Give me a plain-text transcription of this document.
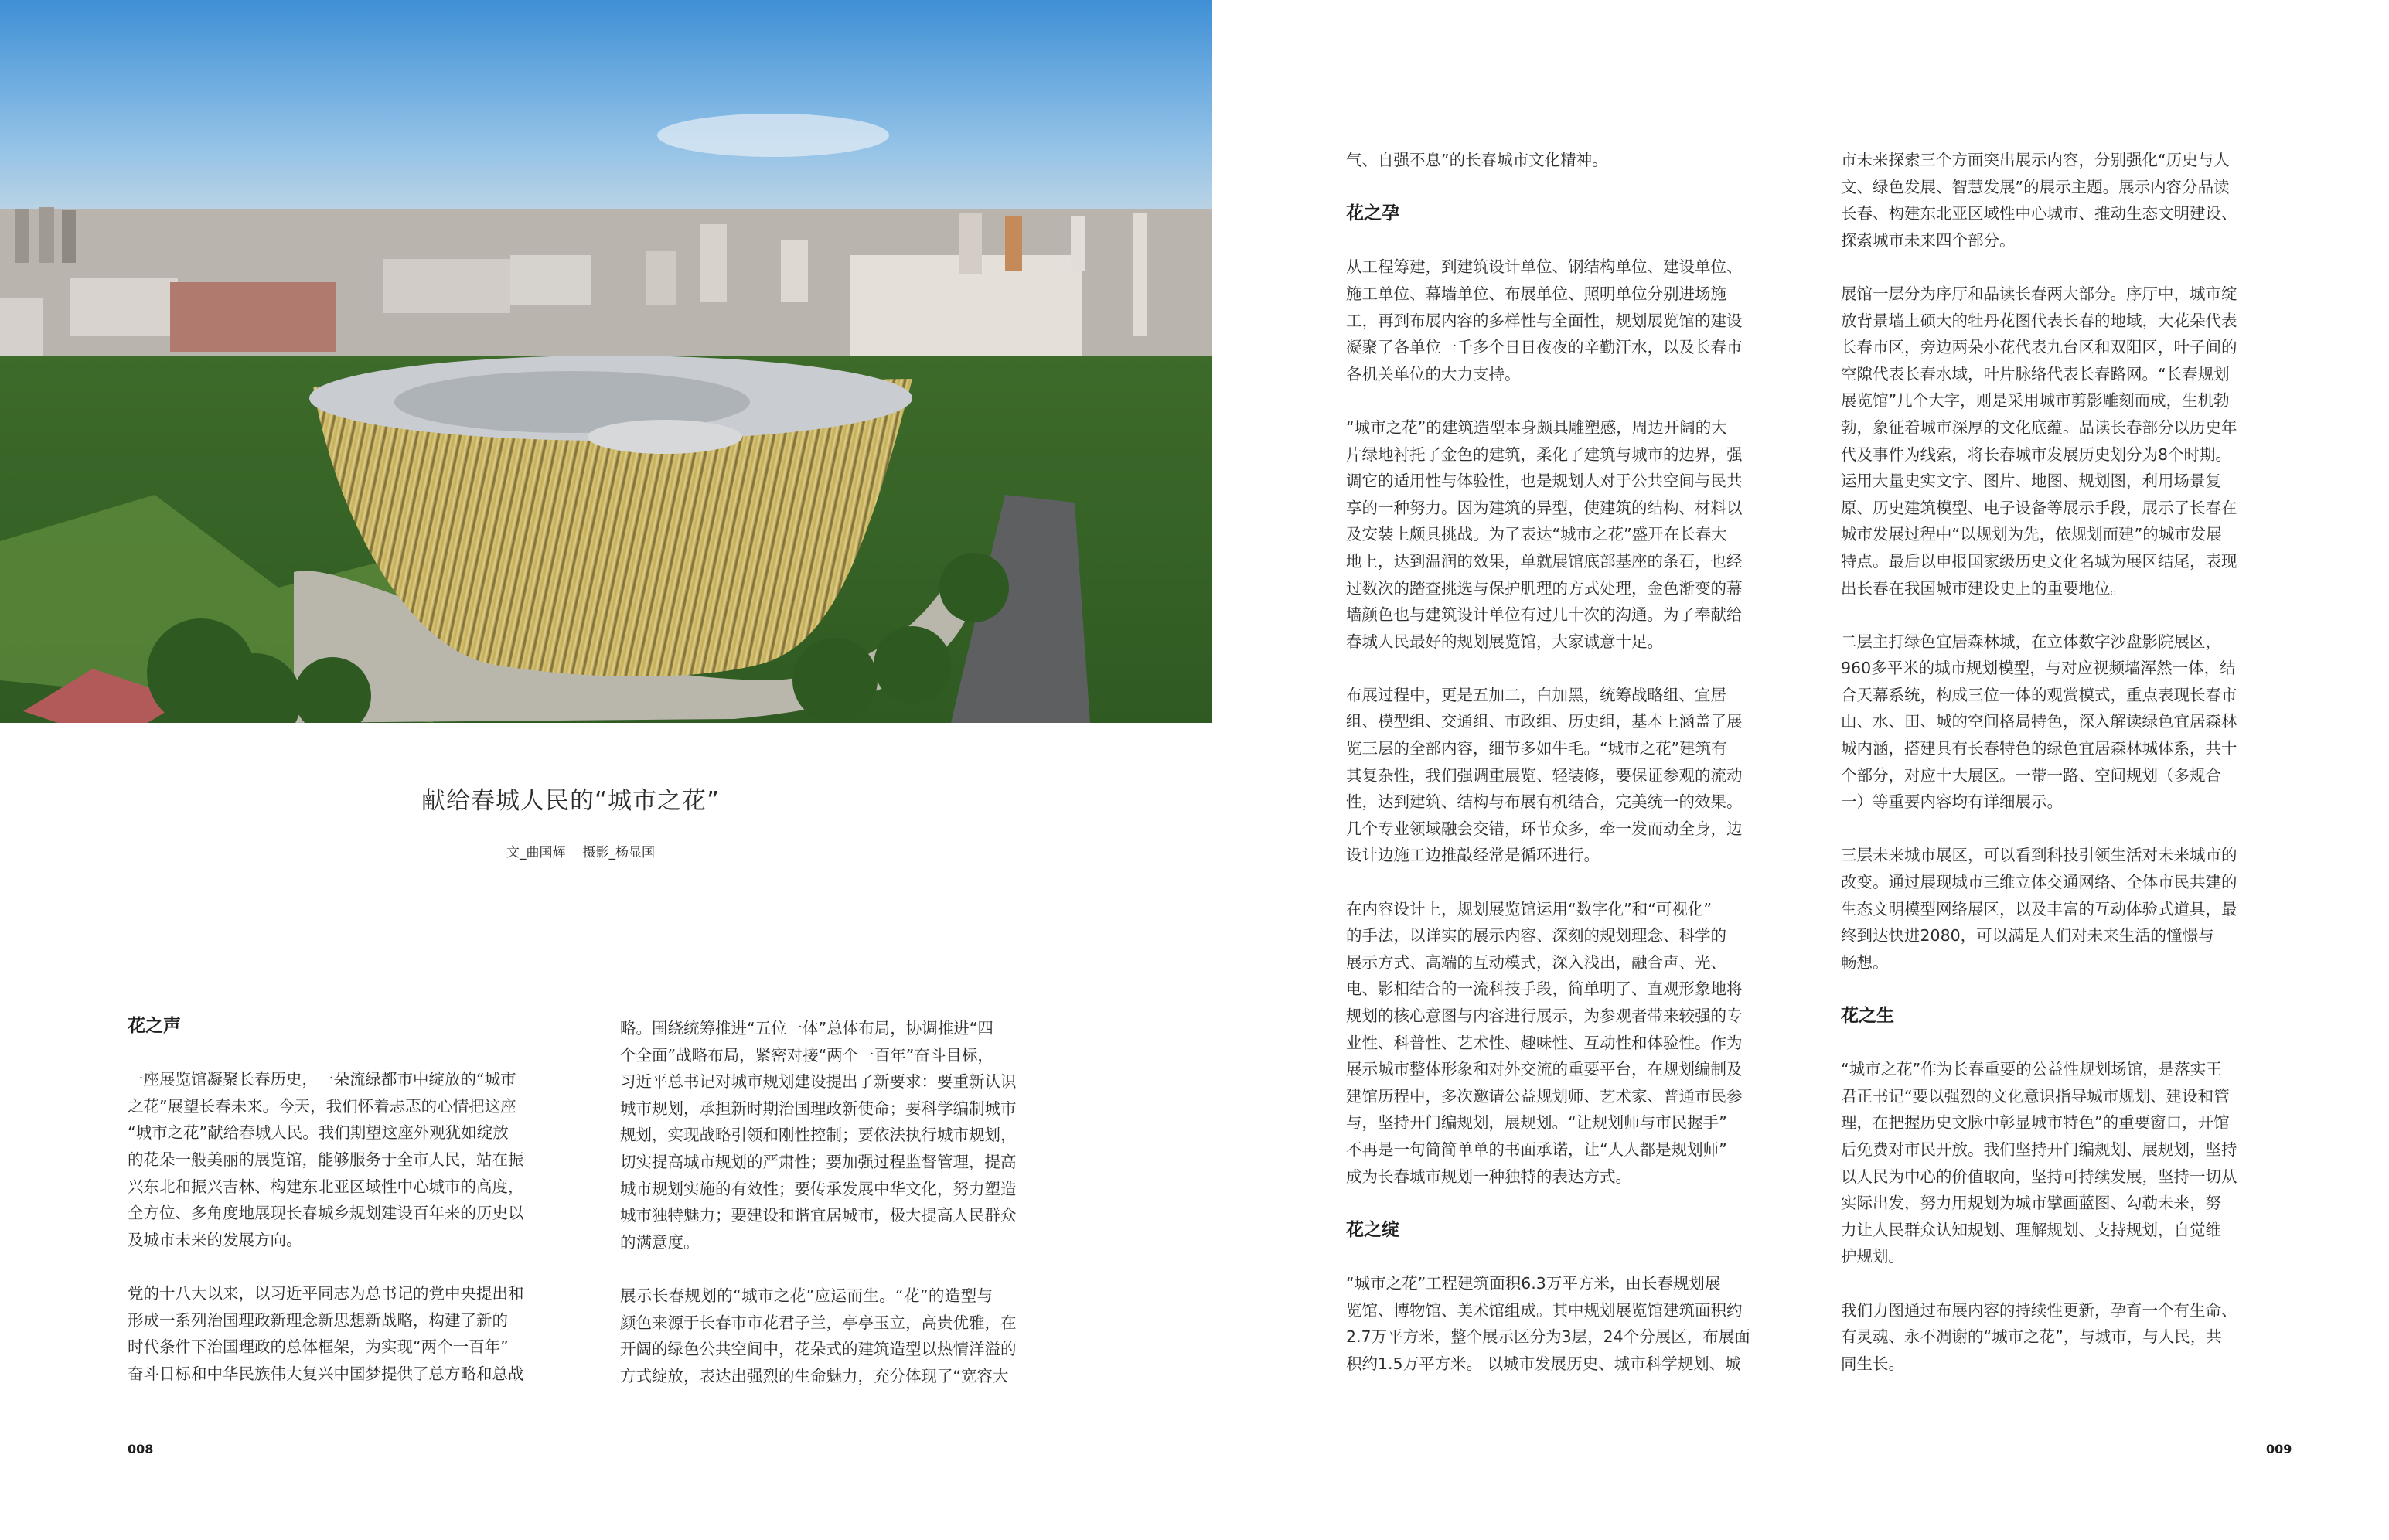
献给春城人民的“城市之花”
文_曲国辉 摄影_杨显国
花之声

一座展览馆凝聚长春历史，一朵流绿都市中绽放的“城市
之花”展望长春未来。今天，我们怀着忐忑的心情把这座
“城市之花”献给春城人民。我们期望这座外观犹如绽放
的花朵一般美丽的展览馆，能够服务于全市人民，站在振
兴东北和振兴吉林、构建东北亚区域性中心城市的高度，
全方位、多角度地展现长春城乡规划建设百年来的历史以
及城市未来的发展方向。

党的十八大以来，以习近平同志为总书记的党中央提出和
形成一系列治国理政新理念新思想新战略，构建了新的
时代条件下治国理政的总体框架，为实现“两个一百年”
奋斗目标和中华民族伟大复兴中国梦提供了总方略和总战

略。围绕统筹推进“五位一体”总体布局，协调推进“四
个全面”战略布局，紧密对接“两个一百年”奋斗目标，
习近平总书记对城市规划建设提出了新要求：要重新认识
城市规划，承担新时期治国理政新使命；要科学编制城市
规划，实现战略引领和刚性控制；要依法执行城市规划，
切实提高城市规划的严肃性；要加强过程监督管理，提高
城市规划实施的有效性；要传承发展中华文化，努力塑造
城市独特魅力；要建设和谐宜居城市，极大提高人民群众
的满意度。

展示长春规划的“城市之花”应运而生。“花”的造型与
颜色来源于长春市市花君子兰，亭亭玉立，高贵优雅，在
开阔的绿色公共空间中，花朵式的建筑造型以热情洋溢的
方式绽放，表达出强烈的生命魅力，充分体现了“宽容大

008

气、自强不息”的长春城市文化精神。

花之孕

从工程筹建，到建筑设计单位、钢结构单位、建设单位、
施工单位、幕墙单位、布展单位、照明单位分别进场施
工，再到布展内容的多样性与全面性，规划展览馆的建设
凝聚了各单位一千多个日日夜夜的辛勤汗水，以及长春市
各机关单位的大力支持。

“城市之花”的建筑造型本身颇具雕塑感，周边开阔的大
片绿地衬托了金色的建筑，柔化了建筑与城市的边界，强
调它的适用性与体验性，也是规划人对于公共空间与民共
享的一种努力。因为建筑的异型，使建筑的结构、材料以
及安装上颇具挑战。为了表达“城市之花”盛开在长春大
地上，达到温润的效果，单就展馆底部基座的条石，也经
过数次的踏查挑选与保护肌理的方式处理，金色渐变的幕
墙颜色也与建筑设计单位有过几十次的沟通。为了奉献给
春城人民最好的规划展览馆，大家诚意十足。

布展过程中，更是五加二，白加黑，统筹战略组、宜居
组、模型组、交通组、市政组、历史组，基本上涵盖了展
览三层的全部内容，细节多如牛毛。“城市之花”建筑有
其复杂性，我们强调重展览、轻装修，要保证参观的流动
性，达到建筑、结构与布展有机结合，完美统一的效果。
几个专业领域融会交错，环节众多，牵一发而动全身，边
设计边施工边推敲经常是循环进行。

在内容设计上，规划展览馆运用“数字化”和“可视化”
的手法，以详实的展示内容、深刻的规划理念、科学的
展示方式、高端的互动模式，深入浅出，融合声、光、
电、影相结合的一流科技手段，简单明了、直观形象地将
规划的核心意图与内容进行展示，为参观者带来较强的专
业性、科普性、艺术性、趣味性、互动性和体验性。作为
展示城市整体形象和对外交流的重要平台，在规划编制及
建馆历程中，多次邀请公益规划师、艺术家、普通市民参
与，坚持开门编规划，展规划。“让规划师与市民握手”
不再是一句简简单单的书面承诺，让“人人都是规划师”
成为长春城市规划一种独特的表达方式。

花之绽

“城市之花”工程建筑面积6.3万平方米，由长春规划展
览馆、博物馆、美术馆组成。其中规划展览馆建筑面积约
2.7万平方米，整个展示区分为3层，24个分展区，布展面
积约1.5万平方米。 以城市发展历史、城市科学规划、城

市未来探索三个方面突出展示内容，分别强化“历史与人
文、绿色发展、智慧发展”的展示主题。展示内容分品读
长春、构建东北亚区域性中心城市、推动生态文明建设、
探索城市未来四个部分。

展馆一层分为序厅和品读长春两大部分。序厅中，城市绽
放背景墙上硕大的牡丹花图代表长春的地域，大花朵代表
长春市区，旁边两朵小花代表九台区和双阳区，叶子间的
空隙代表长春水域，叶片脉络代表长春路网。“长春规划
展览馆”几个大字，则是采用城市剪影雕刻而成，生机勃
勃，象征着城市深厚的文化底蕴。品读长春部分以历史年
代及事件为线索，将长春城市发展历史划分为8个时期。
运用大量史实文字、图片、地图、规划图，利用场景复
原、历史建筑模型、电子设备等展示手段，展示了长春在
城市发展过程中“以规划为先，依规划而建”的城市发展
特点。最后以申报国家级历史文化名城为展区结尾，表现
出长春在我国城市建设史上的重要地位。

二层主打绿色宜居森林城，在立体数字沙盘影院展区，
960多平米的城市规划模型，与对应视频墙浑然一体，结
合天幕系统，构成三位一体的观赏模式，重点表现长春市
山、水、田、城的空间格局特色，深入解读绿色宜居森林
城内涵，搭建具有长春特色的绿色宜居森林城体系，共十
个部分，对应十大展区。一带一路、空间规划（多规合
一）等重要内容均有详细展示。

三层未来城市展区，可以看到科技引领生活对未来城市的
改变。通过展现城市三维立体交通网络、全体市民共建的
生态文明模型网络展区，以及丰富的互动体验式道具，最
终到达快进2080，可以满足人们对未来生活的憧憬与
畅想。

花之生

“城市之花”作为长春重要的公益性规划场馆，是落实王
君正书记“要以强烈的文化意识指导城市规划、建设和管
理，在把握历史文脉中彰显城市特色”的重要窗口，开馆
后免费对市民开放。我们坚持开门编规划、展规划，坚持
以人民为中心的价值取向，坚持可持续发展，坚持一切从
实际出发，努力用规划为城市擘画蓝图、勾勒未来，努
力让人民群众认知规划、理解规划、支持规划，自觉维
护规划。

我们力图通过布展内容的持续性更新，孕育一个有生命、
有灵魂、永不凋谢的“城市之花”，与城市，与人民，共
同生长。

009
